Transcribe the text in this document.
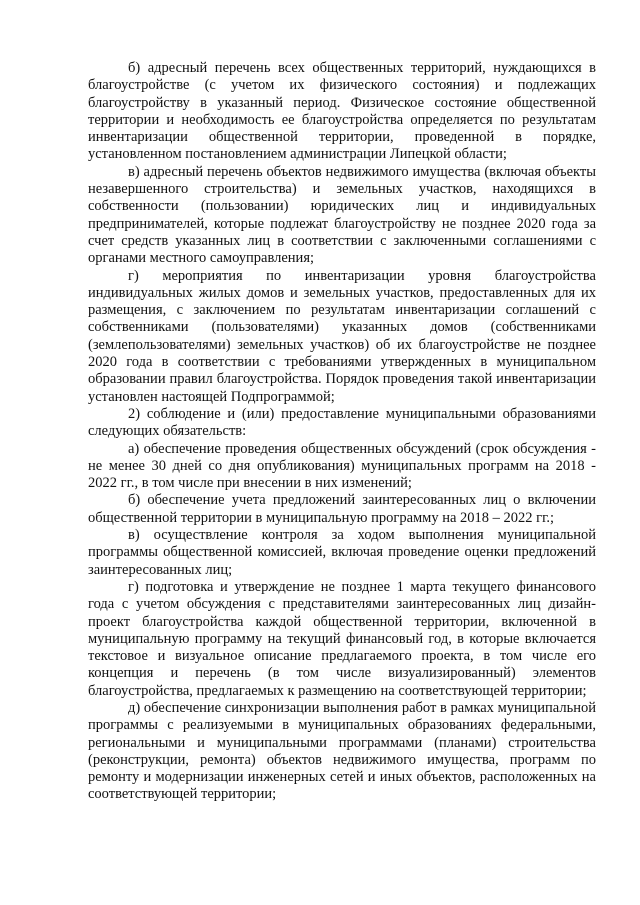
б) адресный перечень всех общественных территорий, нуждающихся в благоустройстве (с учетом их физического состояния) и подлежащих благоустройству в указанный период. Физическое состояние общественной территории и необходимость ее благоустройства определяется по результатам инвентаризации общественной территории, проведенной в порядке, установленном постановлением администрации Липецкой области;

в) адресный перечень объектов недвижимого имущества (включая объекты незавершенного строительства) и земельных участков, находящихся в собственности (пользовании) юридических лиц и индивидуальных предпринимателей, которые подлежат благоустройству не позднее 2020 года за счет средств указанных лиц в соответствии с заключенными соглашениями с органами местного самоуправления;

г) мероприятия по инвентаризации уровня благоустройства индивидуальных жилых домов и земельных участков, предоставленных для их размещения, с заключением по результатам инвентаризации соглашений с собственниками (пользователями) указанных домов (собственниками (землепользователями) земельных участков) об их благоустройстве не позднее 2020 года в соответствии с требованиями утвержденных в муниципальном образовании правил благоустройства. Порядок проведения такой инвентаризации установлен настоящей Подпрограммой;

2) соблюдение и (или) предоставление муниципальными образованиями следующих обязательств:

а) обеспечение проведения общественных обсуждений (срок обсуждения - не менее 30 дней со дня опубликования) муниципальных программ на 2018 - 2022 гг., в том числе при внесении в них изменений;

б) обеспечение учета предложений заинтересованных лиц о включении общественной территории в муниципальную программу на 2018 – 2022 гг.;

в) осуществление контроля за ходом выполнения муниципальной программы общественной комиссией, включая проведение оценки предложений заинтересованных лиц;

г) подготовка и утверждение не позднее 1 марта текущего финансового года с учетом обсуждения с представителями заинтересованных лиц дизайн-проект благоустройства каждой общественной территории, включенной в муниципальную программу на текущий финансовый год, в которые включается текстовое и визуальное описание предлагаемого проекта, в том числе его концепция и перечень (в том числе визуализированный) элементов благоустройства, предлагаемых к размещению на соответствующей территории;

д) обеспечение синхронизации выполнения работ в рамках муниципальной программы с реализуемыми в муниципальных образованиях федеральными, региональными и муниципальными программами (планами) строительства (реконструкции, ремонта) объектов недвижимого имущества, программ по ремонту и модернизации инженерных сетей и иных объектов, расположенных на соответствующей территории;
